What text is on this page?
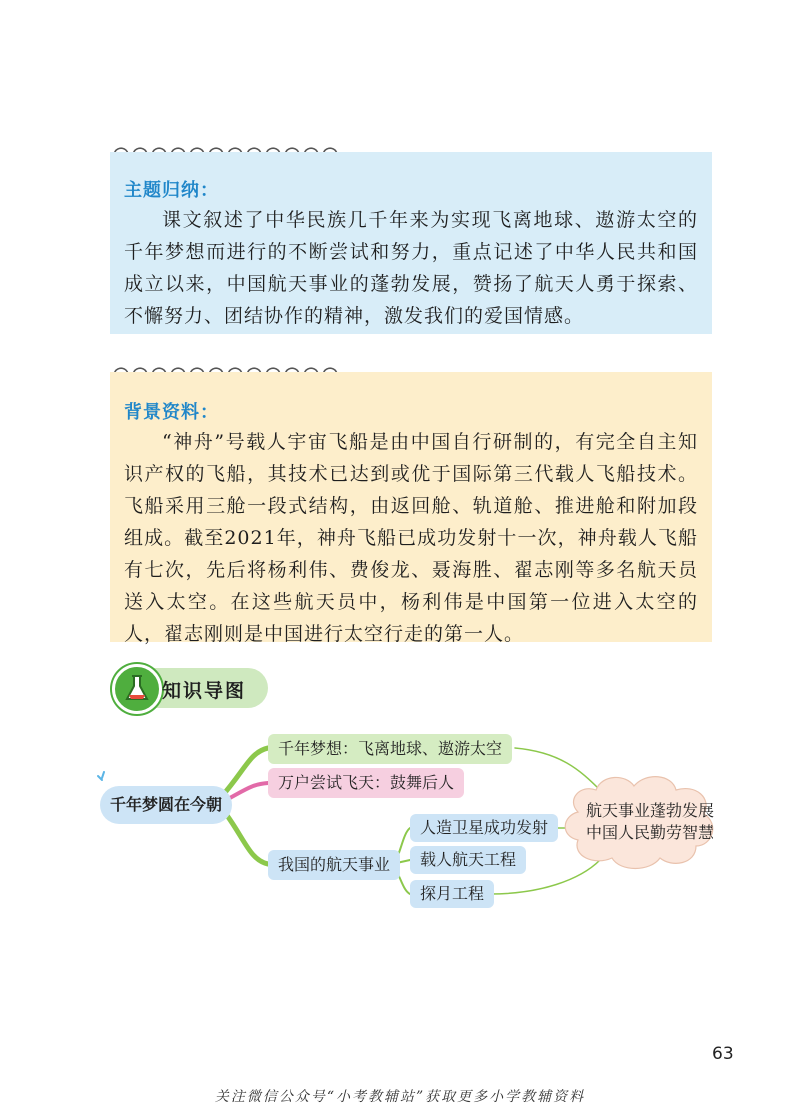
主题归纳：
课文叙述了中华民族几千年来为实现飞离地球、遨游太空的千年梦想而进行的不断尝试和努力，重点记述了中华人民共和国成立以来，中国航天事业的蓬勃发展，赞扬了航天人勇于探索、不懈努力、团结协作的精神，激发我们的爱国情感。
背景资料：
“神舟”号载人宇宙飞船是由中国自行研制的，有完全自主知识产权的飞船，其技术已达到或优于国际第三代载人飞船技术。飞船采用三舱一段式结构，由返回舱、轨道舱、推进舱和附加段组成。截至2021年，神舟飞船已成功发射十一次，神舟载人飞船有七次，先后将杨利伟、费俊龙、聂海胜、翟志刚等多名航天员送入太空。在这些航天员中，杨利伟是中国第一位进入太空的人，翟志刚则是中国进行太空行走的第一人。
知识导图
千年梦圆在今朝
千年梦想：飞离地球、遨游太空
万户尝试飞天：鼓舞后人
我国的航天事业
人造卫星成功发射
载人航天工程
探月工程
航天事业蓬勃发展
中国人民勤劳智慧
63
关注微信公众号“小考教辅站”获取更多小学教辅资料
